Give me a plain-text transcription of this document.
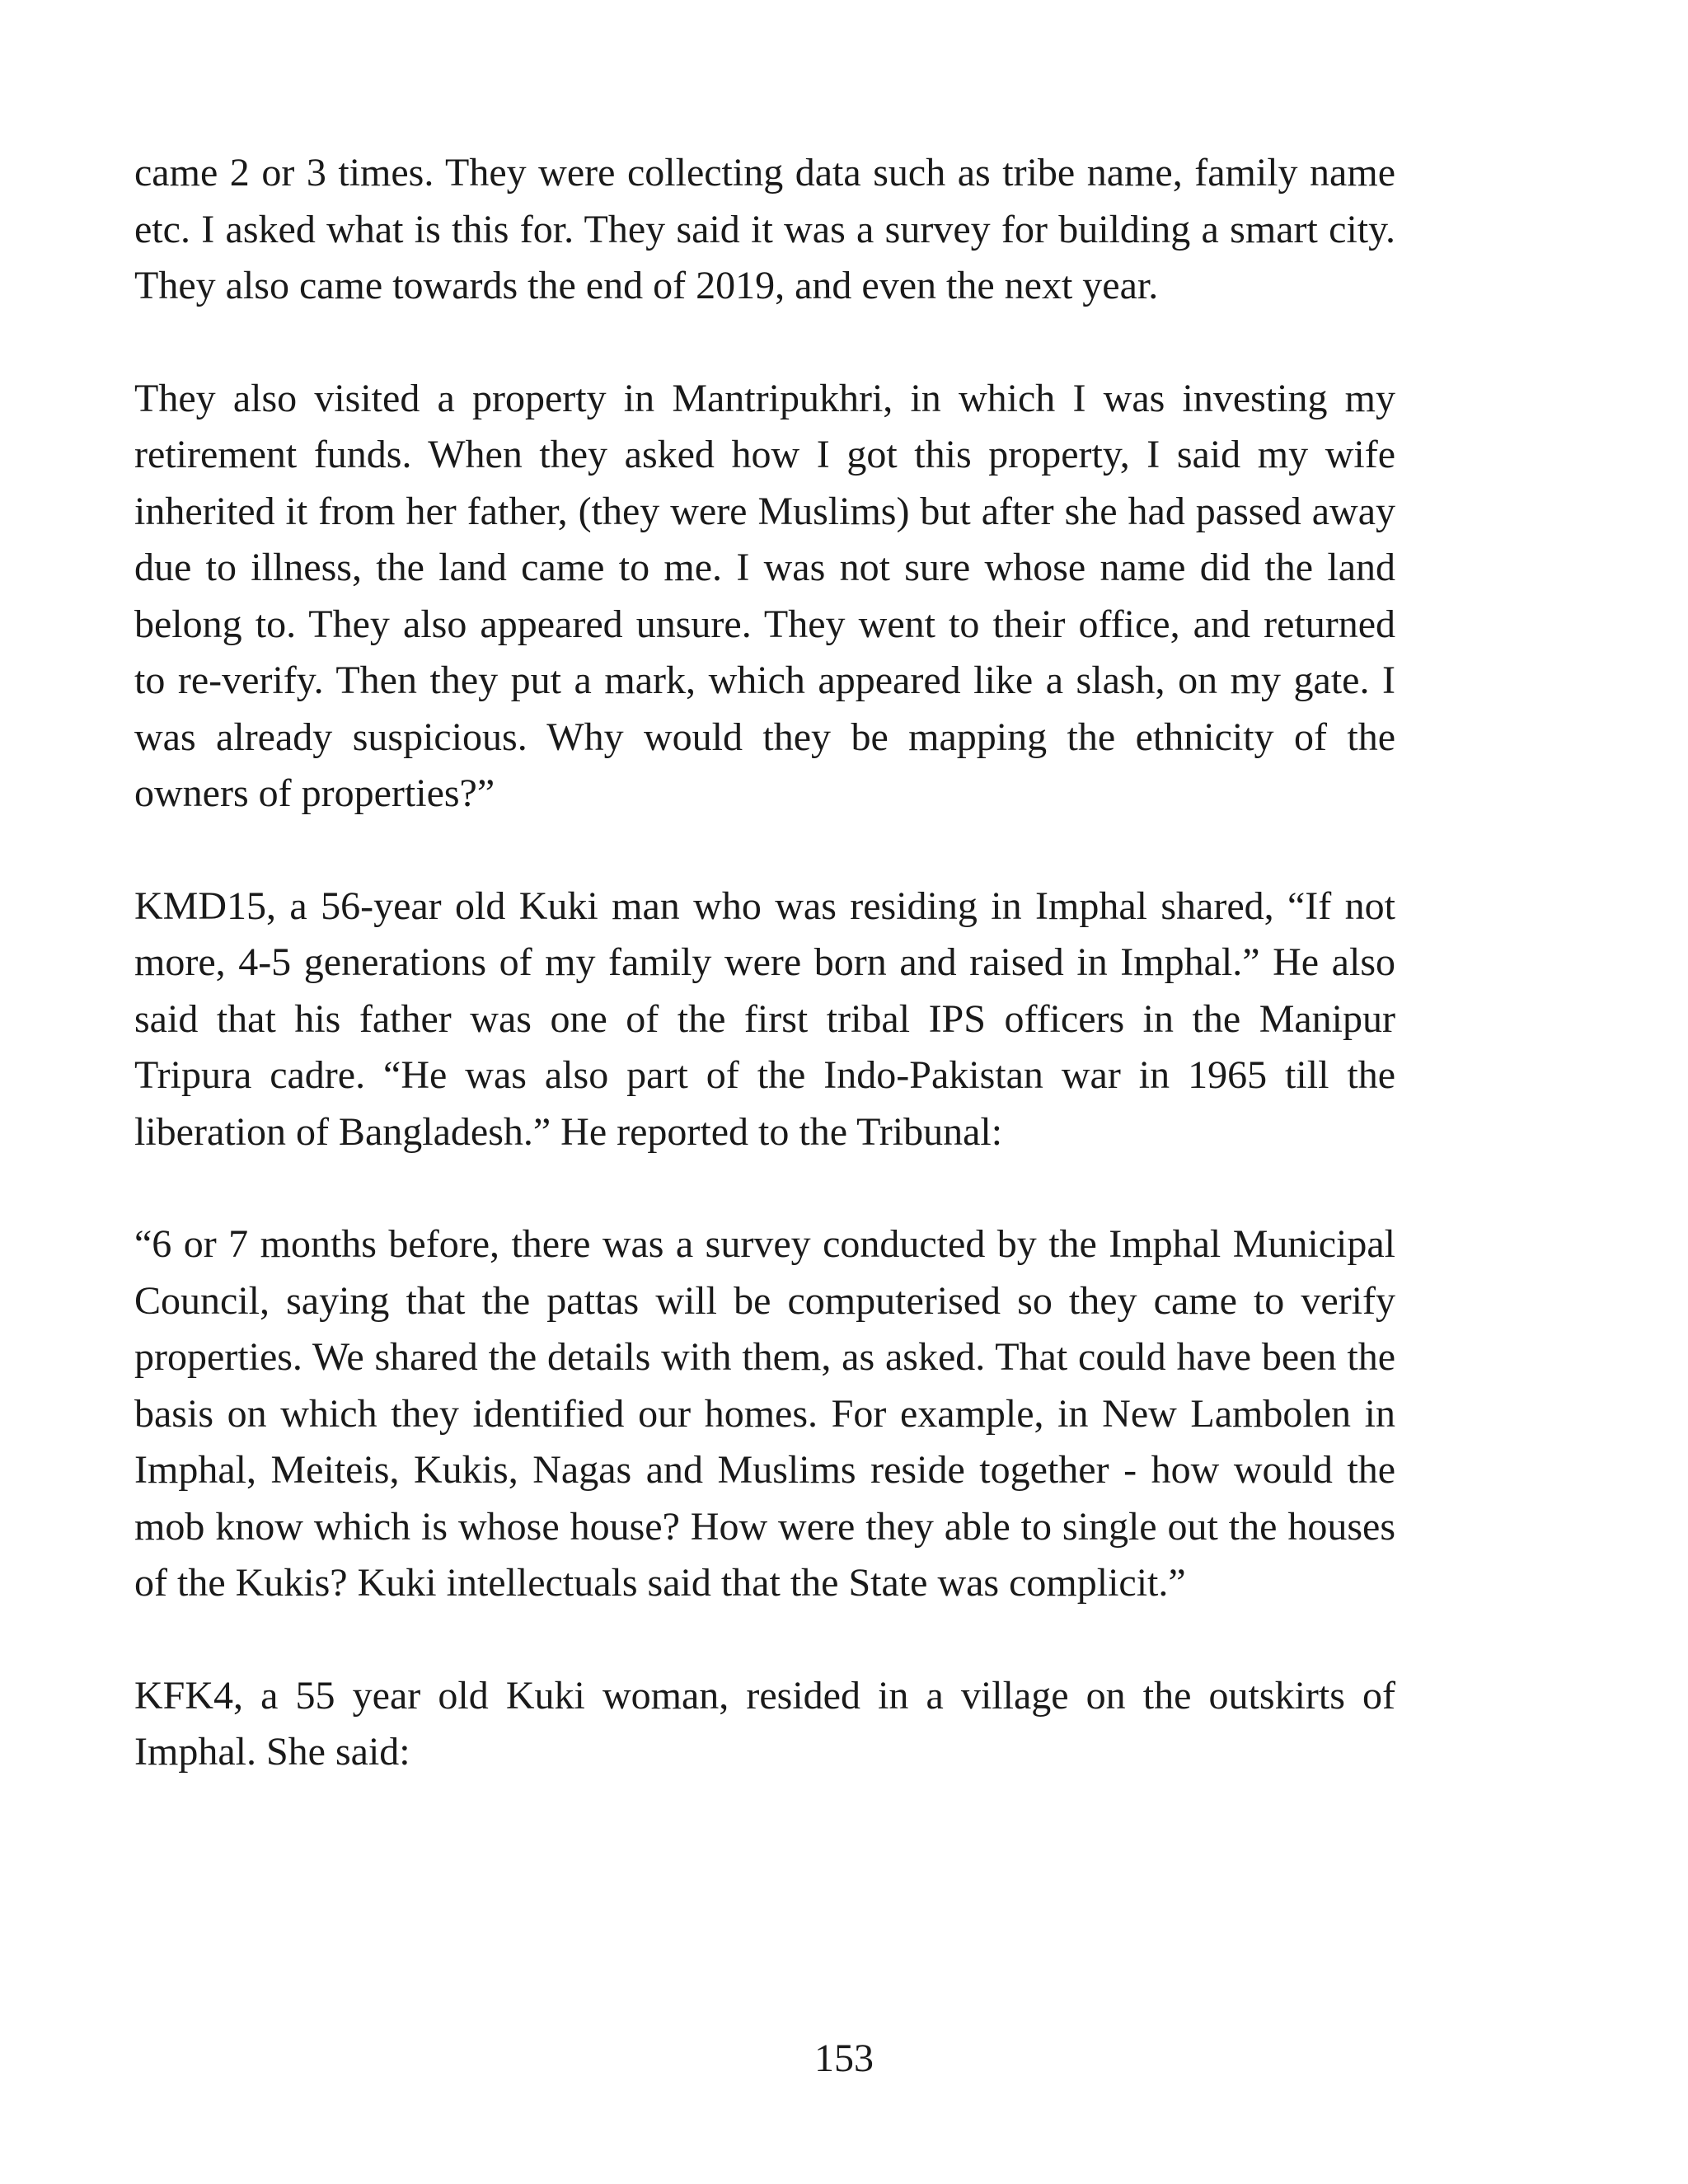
came 2 or 3 times. They were collecting data such as tribe name, family name etc. I asked what is this for. They said it was a survey for building a smart city. They also came towards the end of 2019, and even the next year.

They also visited a property in Mantripukhri, in which I was investing my retirement funds. When they asked how I got this property, I said my wife inherited it from her father, (they were Muslims) but after she had passed away due to illness, the land came to me. I was not sure whose name did the land belong to. They also appeared unsure. They went to their office, and returned to re-verify. Then they put a mark, which appeared like a slash, on my gate. I was already suspicious. Why would they be mapping the ethnicity of the owners of properties?”

KMD15, a 56-year old Kuki man who was residing in Imphal shared, “If not more, 4-5 generations of my family were born and raised in Imphal.” He also said that his father was one of the first tribal IPS officers in the Manipur Tripura cadre. “He was also part of the Indo-Pakistan war in 1965 till the liberation of Bangladesh.” He reported to the Tribunal:

“6 or 7 months before, there was a survey conducted by the Imphal Municipal Council, saying that the pattas will be computerised so they came to verify properties. We shared the details with them, as asked. That could have been the basis on which they identified our homes. For example, in New Lambolen in Imphal, Meiteis, Kukis, Nagas and Muslims reside together - how would the mob know which is whose house? How were they able to single out the houses of the Kukis? Kuki intellectuals said that the State was complicit.”

KFK4, a 55 year old Kuki woman, resided in a village on the outskirts of Imphal. She said:

153
